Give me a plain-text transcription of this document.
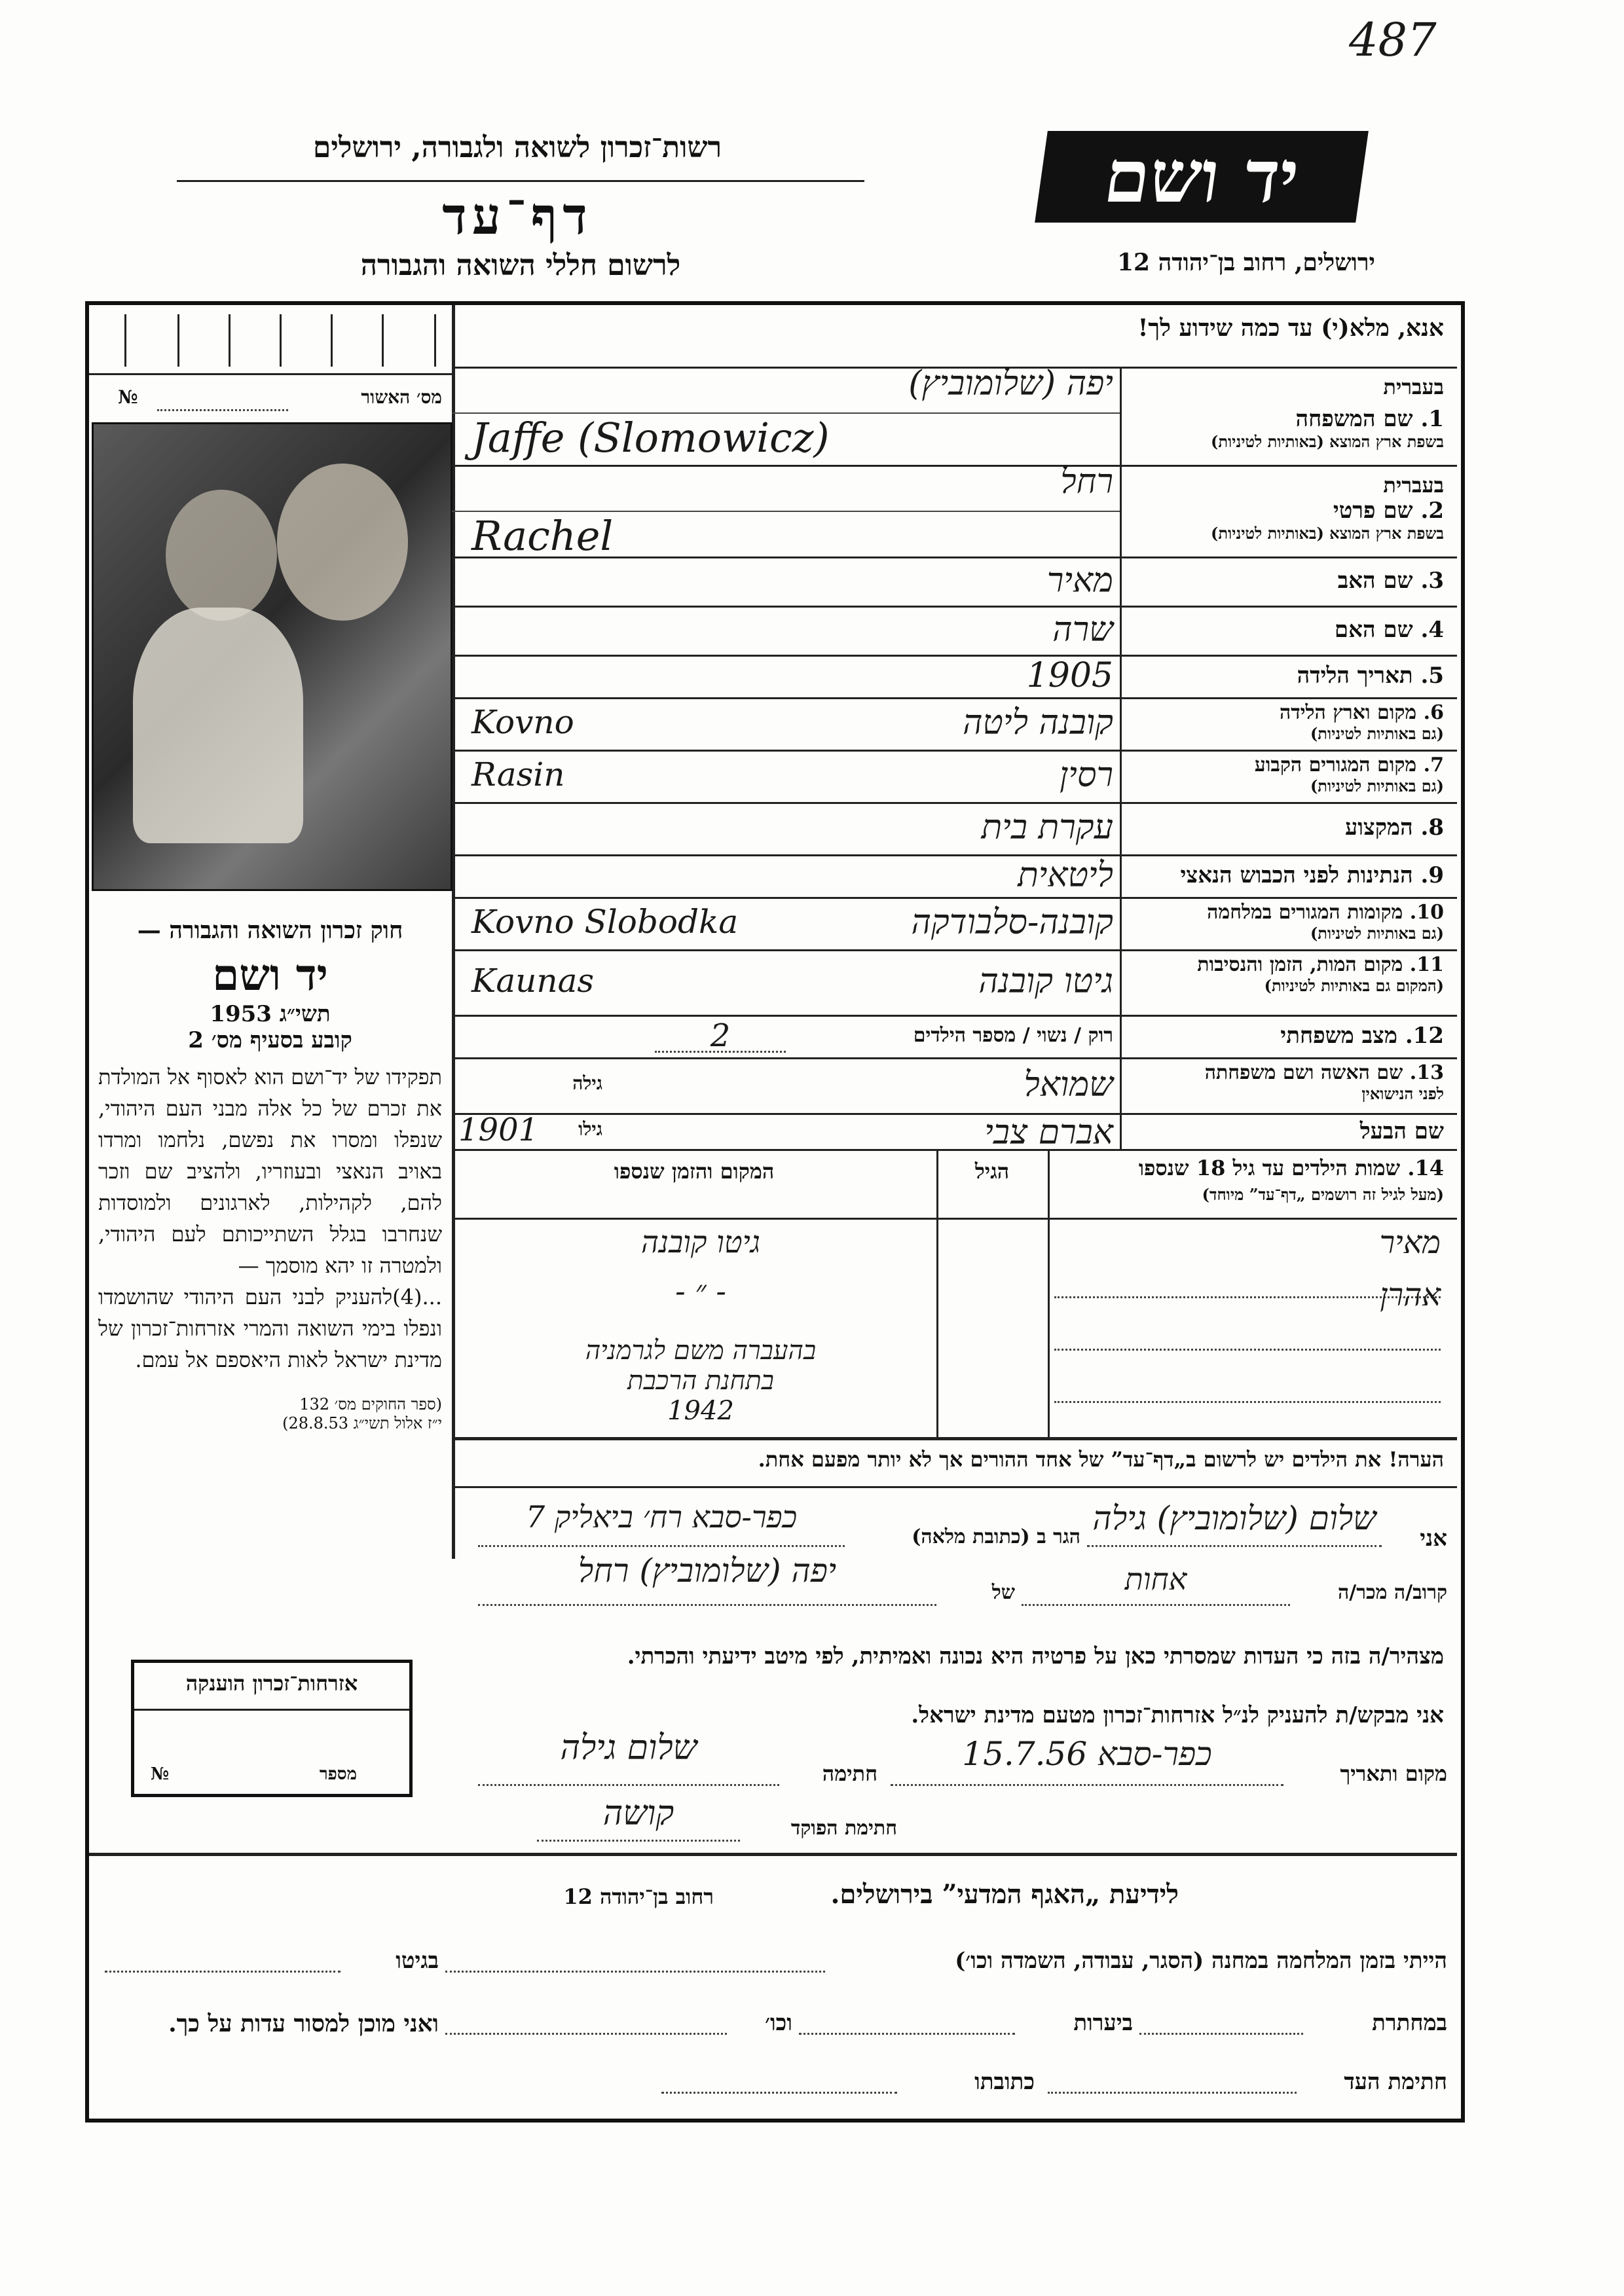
487
יד ושם
ירושלים, רחוב בן־יהודה 12
רשות־זכרון לשואה ולגבורה, ירושלים
דף־עד
לרשום חללי השואה והגבורה
מס׳ האשור
№
חוק זכרון השואה והגבורה —
יד ושם
תשי״ג 1953
קובע בסעיף מס׳ 2
תפקידו של יד־ושם הוא לאסוף אל המולדת את זכרם של כל אלה מבני העם היהודי, שנפלו ומסרו את נפשם, נלחמו ומרדו באויב הנאצי ובעוזריו, ולהציב שם וזכר להם, לקהילות, לארגונים ולמוסדות שנחרבו בגלל השתייכותם לעם היהודי, ולמטרה זו יהא מוסמך —
...(4)להעניק לבני העם היהודי שהושמדו ונפלו בימי השואה והמרי אזרחות־זכרון של מדינת ישראל לאות היאספם אל עמם.
(ספר החוקים מס׳ 132
י״ז אלול תשי״ג 28.8.53)
אנא, מלא(י) עד כמה שידוע לך!
1. שם המשפחה
בשפת ארץ המוצא (באותיות לטיניות)
בעברית
יפה (שלומוביץ)
Jaffe (Slomowicz)
2. שם פרטי
בשפת ארץ המוצא (באותיות לטיניות)
בעברית
רחל
Rachel
3. שם האב
מאיר
4. שם האם
שרה
5. תאריך הלידה
1905
6. מקום וארץ הלידה
(גם באותיות לטיניות)
קובנה ליטה
Kovno
7. מקום המגורים הקבוע
(גם באותיות לטיניות)
רסין
Rasin
8. המקצוע
עקרת בית
9. הנתינות לפני הכבוש הנאצי
ליטאית
10. מקומות המגורים במלחמה
(גם באותיות לטיניות)
קובנה-סלבודקה
Kovno Slobodka
11. מקום המות, הזמן והנסיבות
(המקום גם באותיות לטיניות)
גיטו קובנה
Kaunas
12. מצב משפחתי
רוק / נשוי / מספר הילדים
2
13. שם האשה ושם משפחתה
לפני הנישואין
שמואל
גילה
שם הבעל
אברם צבי
גילו
1901
14. שמות הילדים עד גיל 18 שנספו
(מעל לגיל זה רושמים „דף־עד” מיוחד)
הגיל
המקום והזמן שנספו
מאיר
גיטו קובנה
אהרן
- ״ -
בהעברה משם לגרמניה
בתחנת הרכבת
1942
הערה! את הילדים יש לרשום ב„דף־עד” של אחד ההורים אך לא יותר מפעם אחת.
אזרחות־זכרון הוענקה
מספר
№
אני
שלום (שלומוביץ) גילה
הגר ב (כתובת מלאה)
כפר-סבא רח׳ ביאליק 7
קרוב/ה מכר/ה
אחות
של
יפה (שלומוביץ) רחל
מצהיר/ה בזה כי העדות שמסרתי כאן על פרטיה היא נכונה ואמיתית, לפי מיטב ידיעתי והכרתי.
אני מבקש/ת להעניק לנ״ל אזרחות־זכרון מטעם מדינת ישראל.
מקום ותאריך
כפר-סבא 15.7.56
חתימה
שלום גילה
חתימת הפוקד
קושה
לידיעת „האגף המדעי” בירושלים.
רחוב בן־יהודה 12
הייתי בזמן המלחמה במחנה (הסגר, עבודה, השמדה וכו׳)
בגיטו
במחתרת
ביערות
וכו׳
ואני מוכן למסור עדות על כך.
חתימת העד
כתובתו
